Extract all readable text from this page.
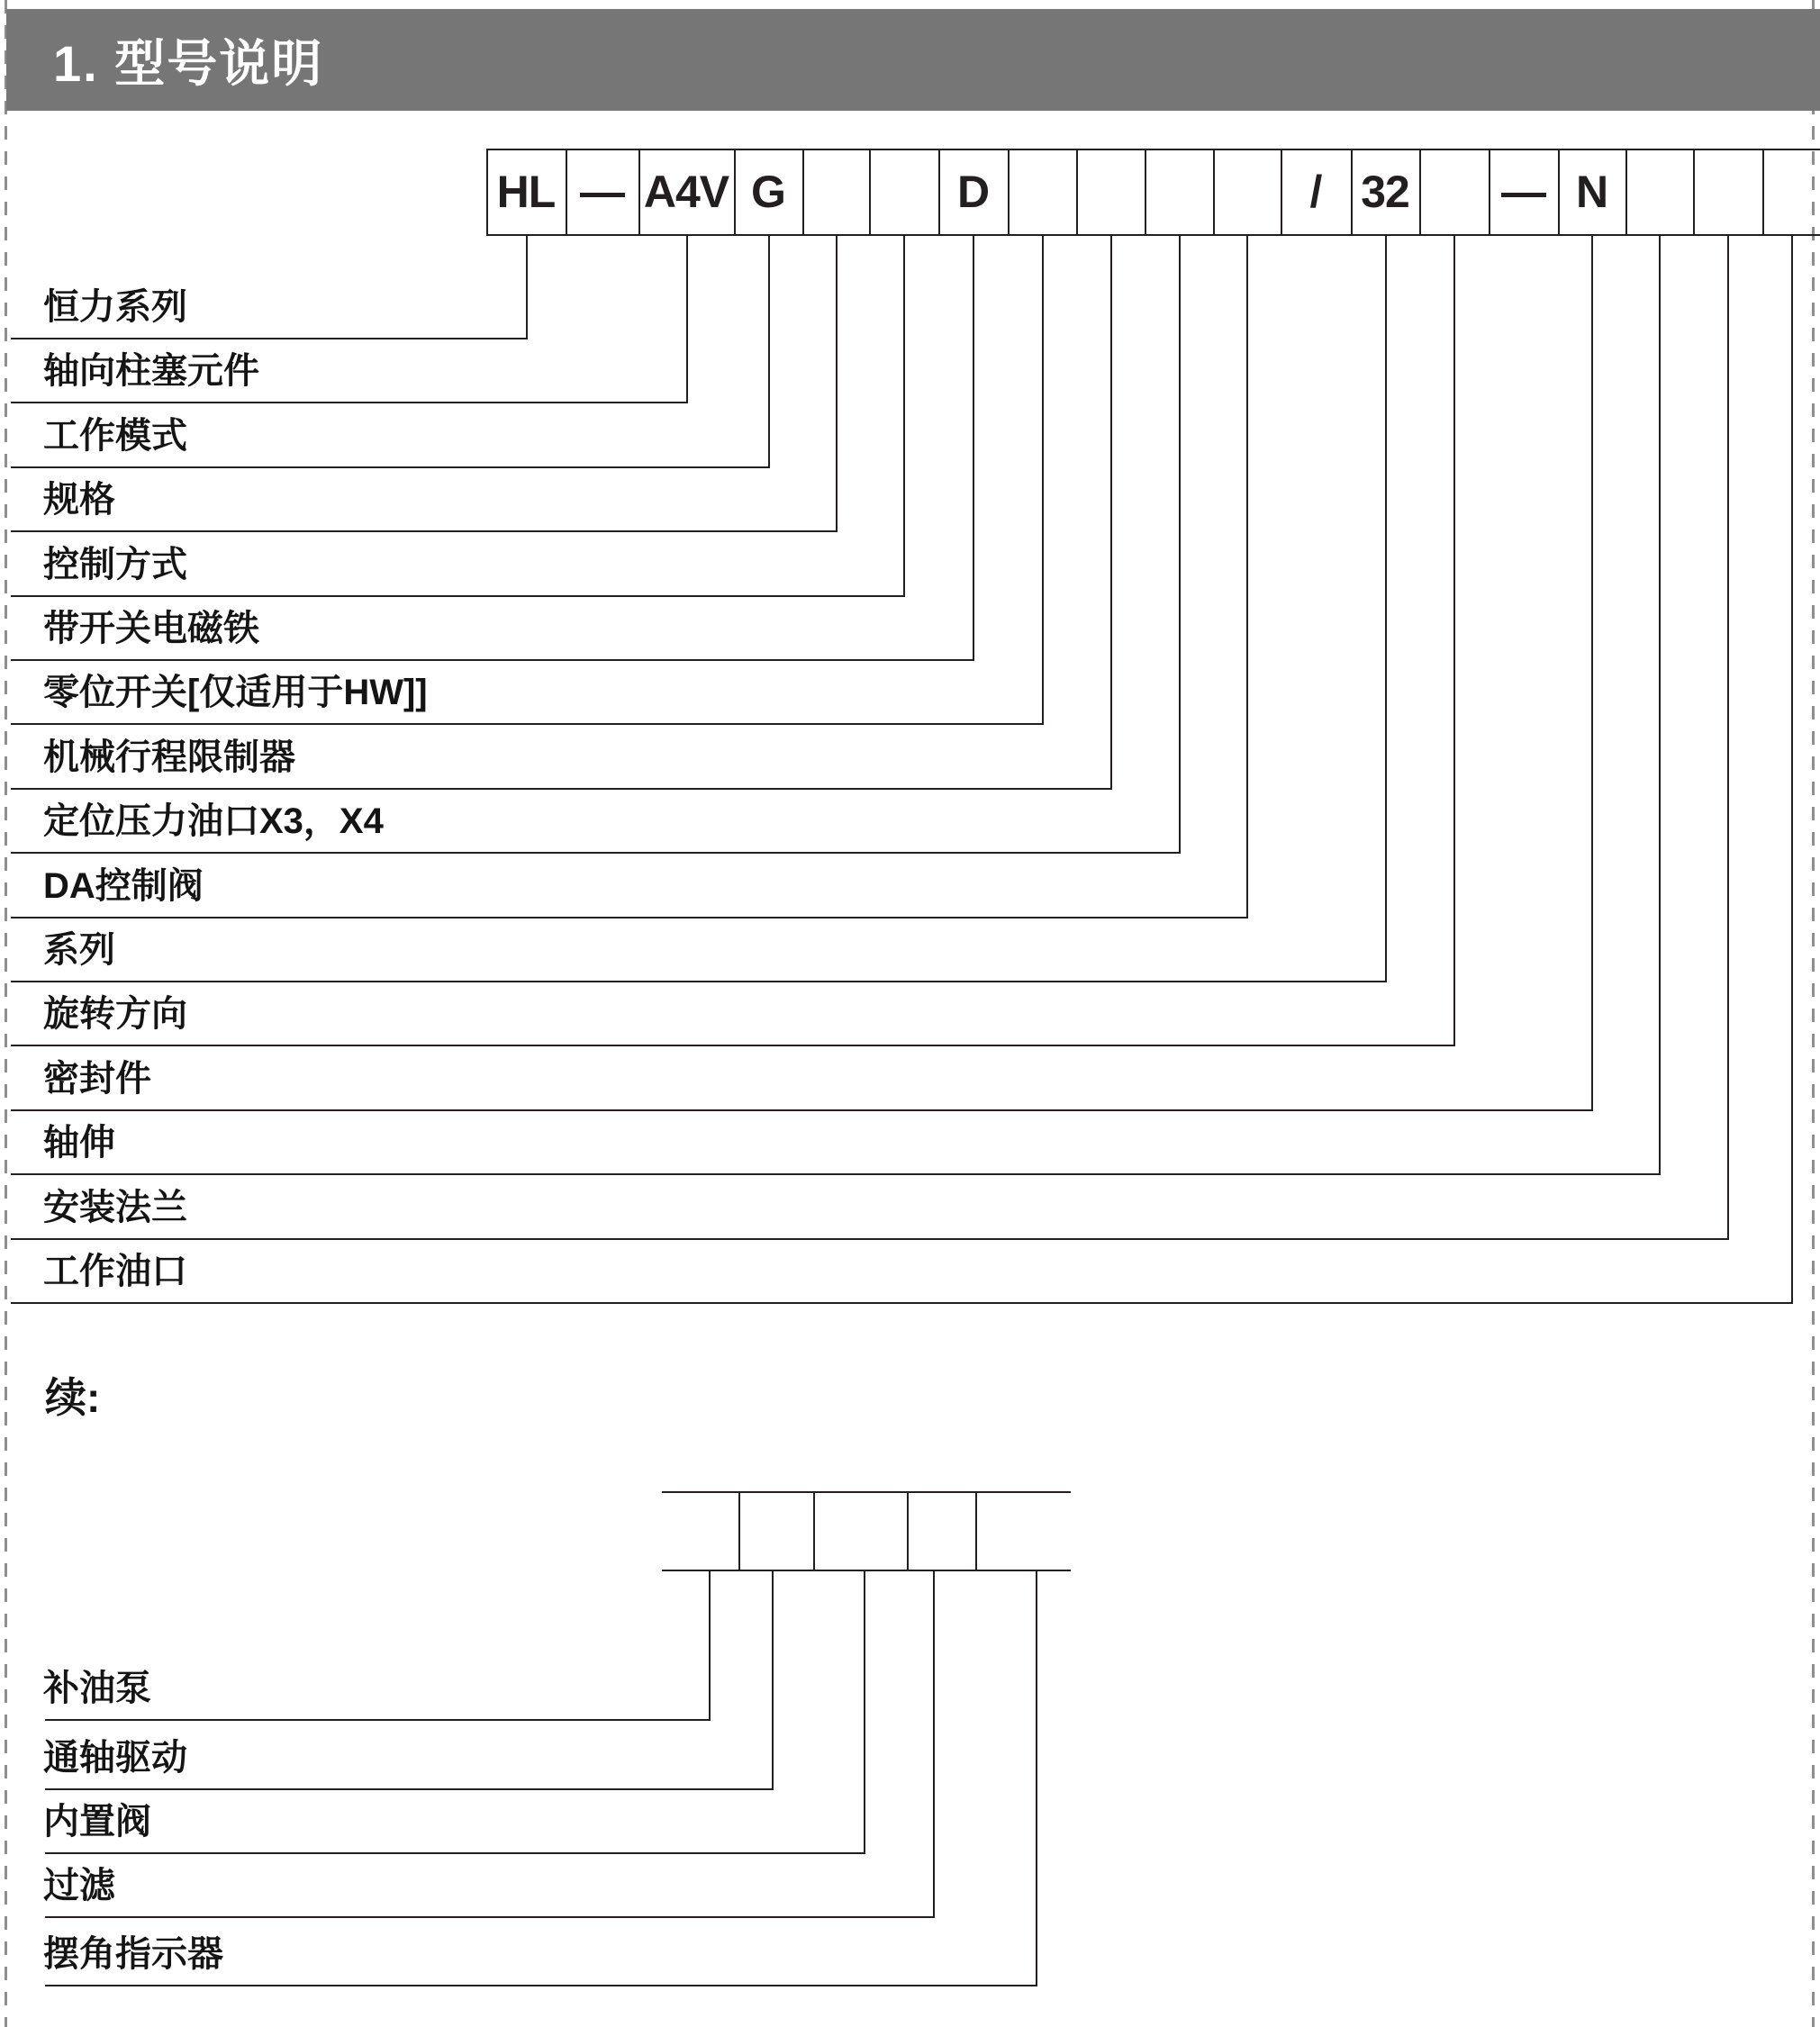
1. 型号说明
HL — A4V G	D	/ 32 — N
恒力系列
轴向柱塞元件
工作模式
规格
控制方式
带开关电磁铁
零位开关[仅适用于HW]]
机械行程限制器
定位压力油口X3，X4
DA控制阀
系列
旋转方向
密封件
轴伸
安装法兰
工作油口
续:
补油泵
通轴驱动
内置阀
过滤
摆角指示器
